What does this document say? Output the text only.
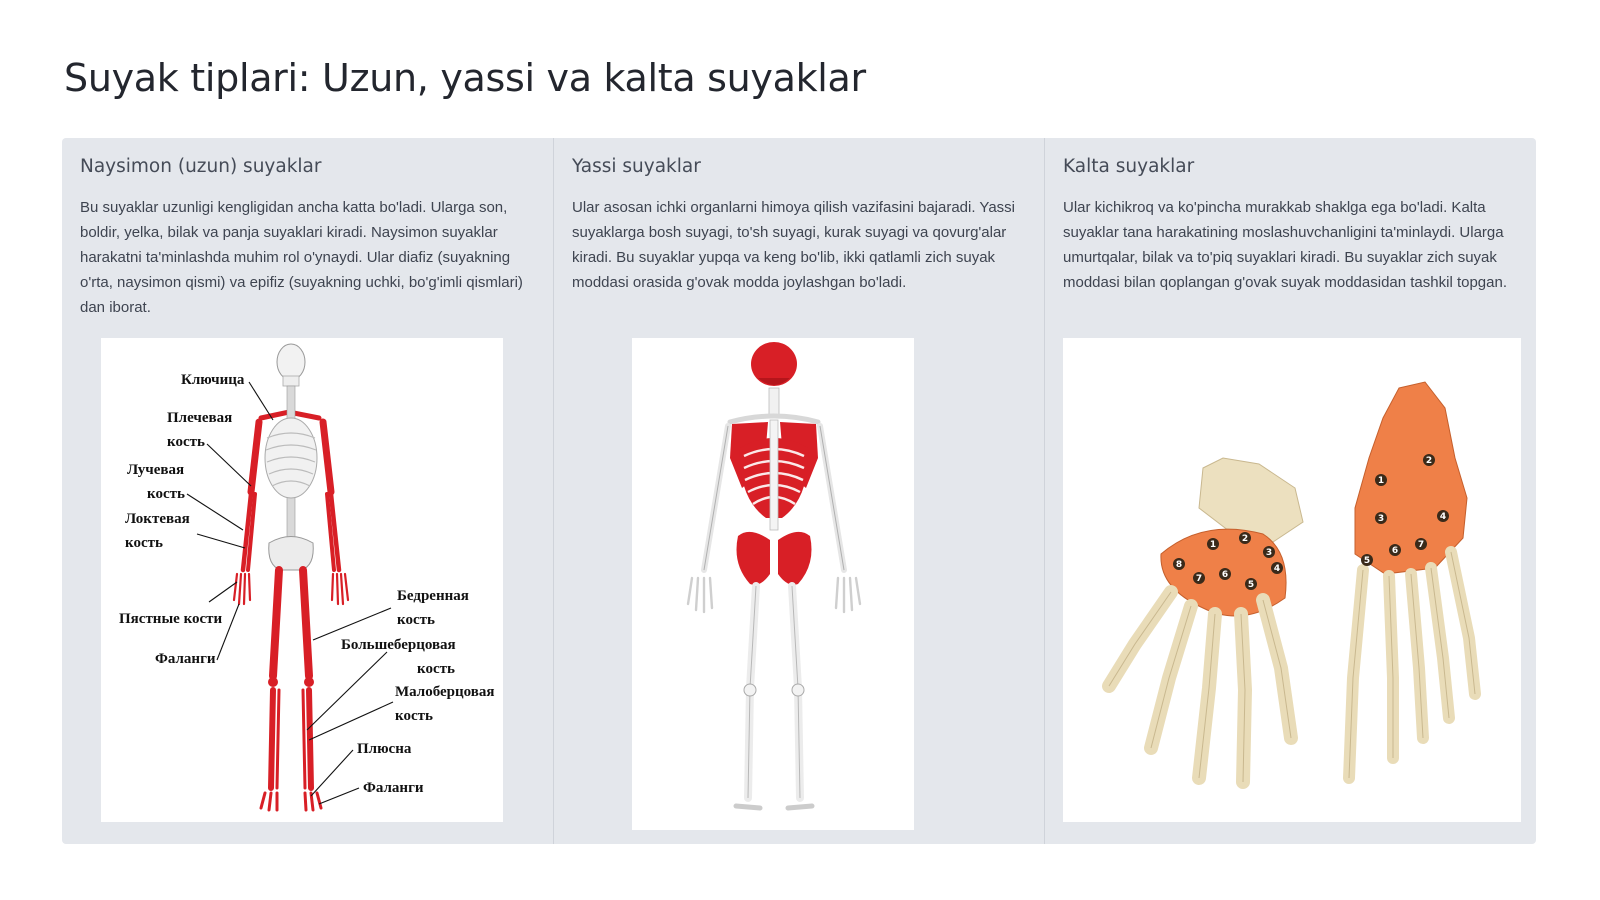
Suyak tiplari: Uzun, yassi va kalta suyaklar
Naysimon (uzun) suyaklar

Bu suyaklar uzunligi kengligidan ancha katta bo'ladi. Ularga son, boldir, yelka, bilak va panja suyaklari kiradi. Naysimon suyaklar harakatni ta'minlashda muhim rol o'ynaydi. Ular diafiz (suyakning o'rta, naysimon qismi) va epifiz (suyakning uchki, bo'g'imli qismlari) dan iborat.

Ключица
Плечевая
кость
Лучевая
кость
Локтевая
кость
Пястные кости
Фаланги
Бедренная
кость
Большеберцовая
кость
Малоберцовая
кость
Плюсна
Фаланги
Yassi suyaklar

Ular asosan ichki organlarni himoya qilish vazifasini bajaradi. Yassi suyaklarga bosh suyagi, to'sh suyagi, kurak suyagi va qovurg'alar kiradi. Bu suyaklar yupqa va keng bo'lib, ikki qatlamli zich suyak moddasi orasida g'ovak modda joylashgan bo'ladi.

Kalta suyaklar

Ular kichikroq va ko'pincha murakkab shaklga ega bo'ladi. Kalta suyaklar tana harakatining moslashuvchanligini ta'minlaydi. Ularga umurtqalar, bilak va to'piq suyaklari kiradi. Bu suyaklar zich suyak moddasi bilan qoplangan g'ovak suyak moddasidan tashkil topgan.

1
2
3
4
5
6
7
8
1
2
3	4
5
6
7
